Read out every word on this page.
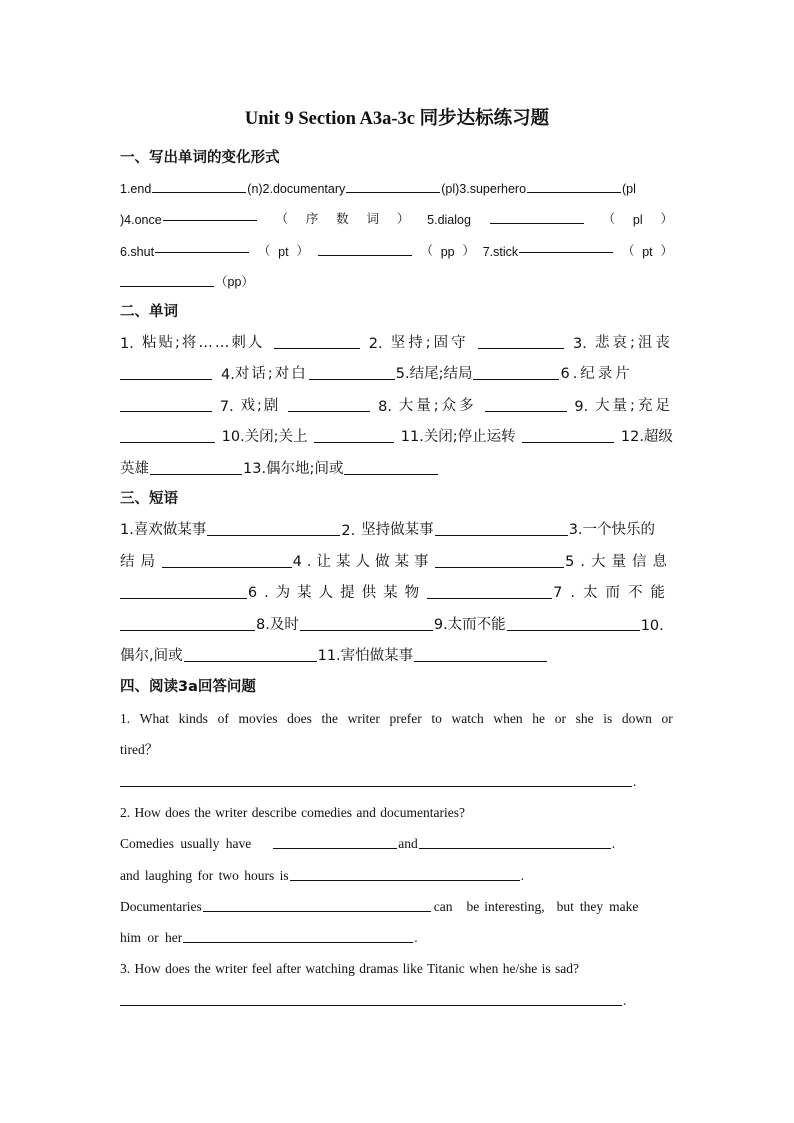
Unit 9 Section A3a-3c 同步达标练习题
一、写出单词的变化形式
1.end	(n)2.documentary	(pl)3.superhero	(pl
)4.once	（ 序 数 词 ） 5.dialog	（ pl ）
6.shut	（ pt ）	（ pp ） 7.stick	（ pt ）
（pp）
二、单词
1. 粘贴;将……刺人	2. 坚持;固守	3. 悲哀;沮丧
4. 对话;对白	5.结尾;结局	6.纪录片
7. 戏;剧	8. 大量;众多	9. 大量;充足
10.关闭;关上	11.关闭;停止运转	12.超级
英雄	13.偶尔地;间或
三、短语
1.喜欢做某事	2. 坚持做某事	3.一个快乐的
结局	4.让某人做某事	5.大量信息
6.为某人提供某物	7.太而不能
8.及时	9.太而不能	10.
偶尔,间或	11.害怕做某事
四、阅读3a回答问题
1. What kinds of movies does the writer prefer to watch when he or she is down or
tired？
.
2. How does the writer describe comedies and documentaries?
Comedies usually have	and	.
and laughing for two hours is	.
Documentaries	can be interesting, but they make
him or her	.
3. How does the writer feel after watching dramas like Titanic when he/she is sad?
.
